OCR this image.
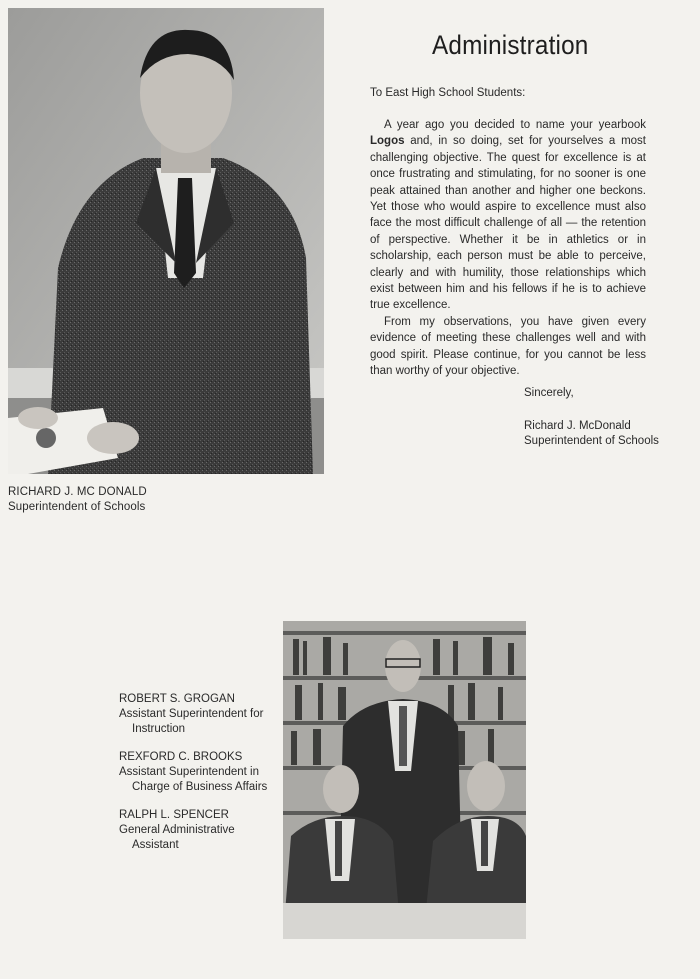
RICHARD J. MC DONALD
Superintendent of Schools
Administration
To East High School Students:

A year ago you decided to name your yearbook Logos and, in so doing, set for yourselves a most challenging objective. The quest for excellence is at once frustrating and stimulating, for no sooner is one peak attained than another and higher one beckons. Yet those who would aspire to excellence must also face the most difficult challenge of all — the retention of perspective. Whether it be in athletics or in scholarship, each person must be able to perceive, clearly and with humility, those relationships which exist between him and his fellows if he is to achieve true excellence.

From my observations, you have given every evidence of meeting these challenges well and with good spirit. Please continue, for you cannot be less than worthy of your objective.

Sincerely,
Richard J. McDonald
Superintendent of Schools
ROBERT S. GROGAN
Assistant Superintendent for
Instruction
REXFORD C. BROOKS
Assistant Superintendent in
Charge of Business Affairs
RALPH L. SPENCER
General Administrative
Assistant
